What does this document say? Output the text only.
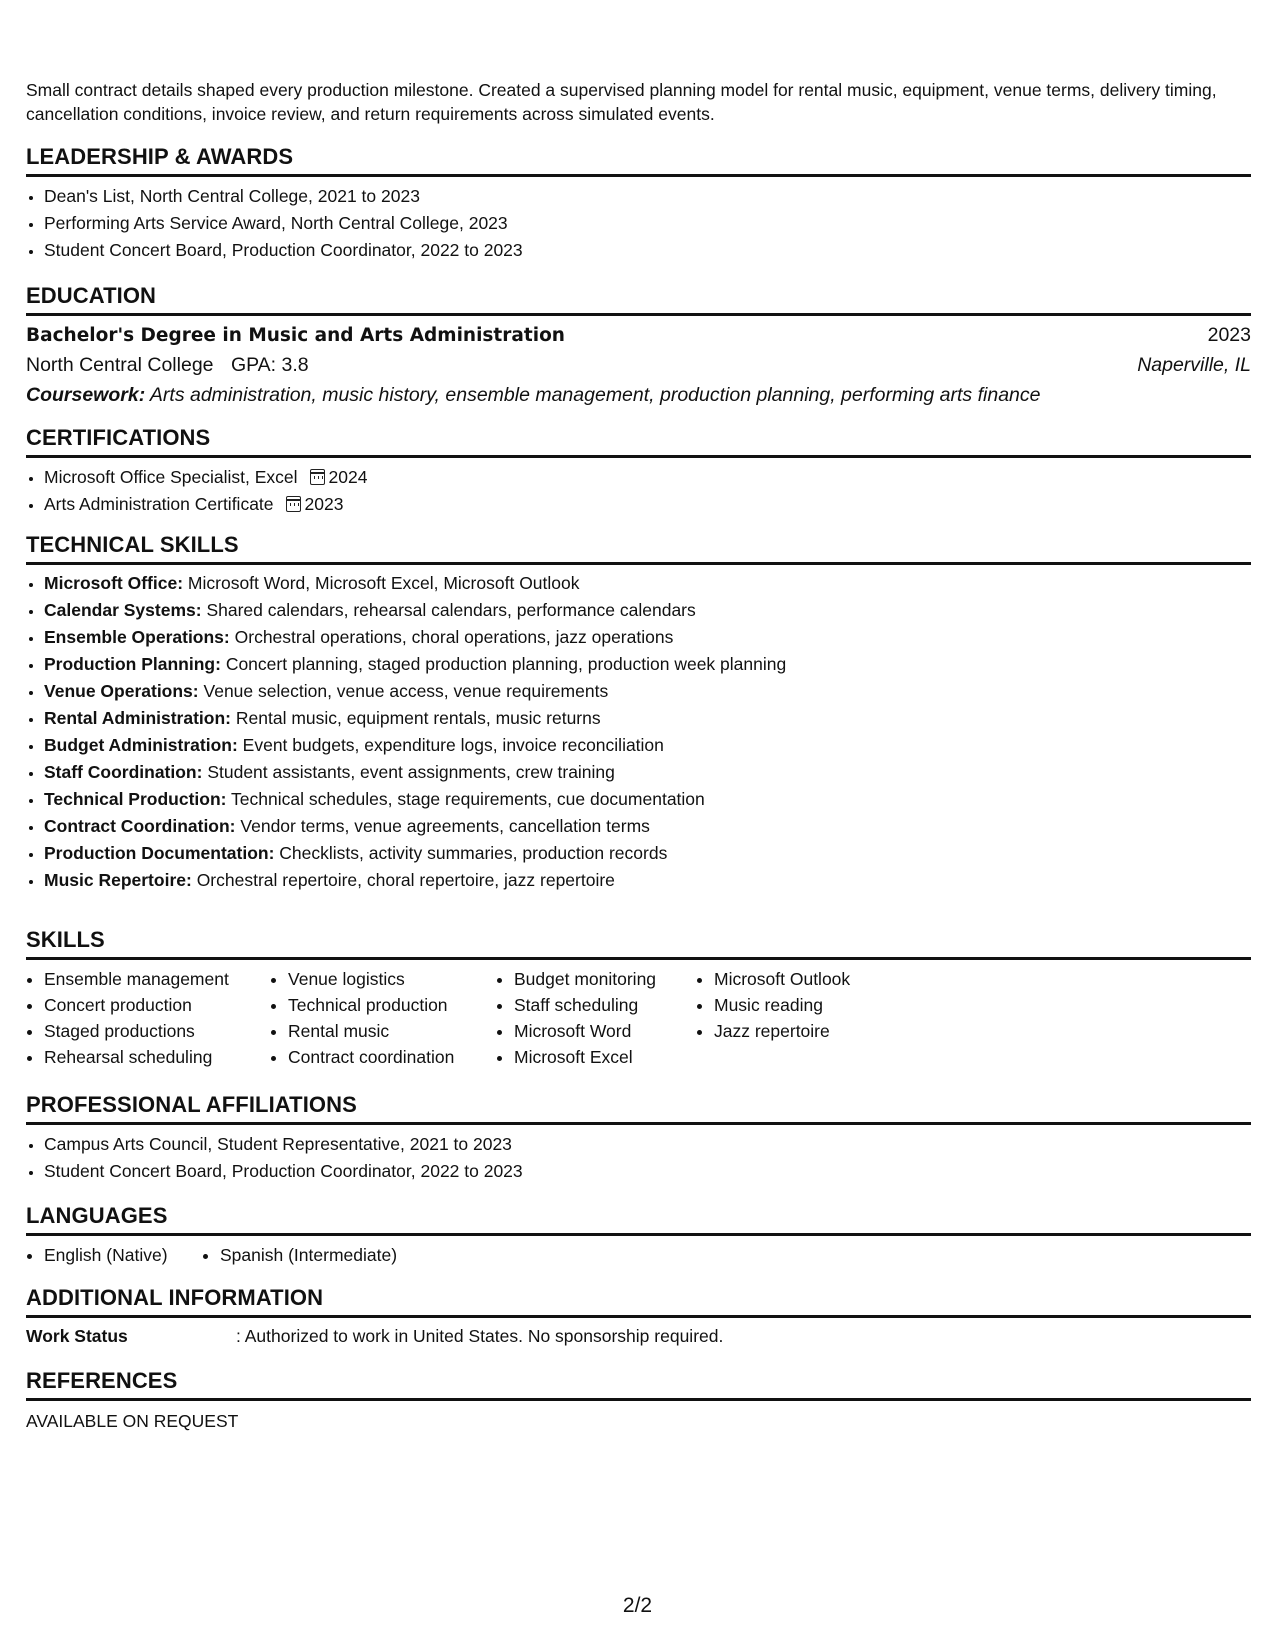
Small contract details shaped every production milestone. Created a supervised planning model for rental music, equipment, venue terms, delivery timing, cancellation conditions, invoice review, and return requirements across simulated events.
LEADERSHIP & AWARDS
• Dean's List, North Central College, 2021 to 2023
• Performing Arts Service Award, North Central College, 2023
• Student Concert Board, Production Coordinator, 2022 to 2023
EDUCATION
Bachelor's Degree in Music and Arts Administration	2023
North Central College GPA: 3.8	Naperville, IL
Coursework: Arts administration, music history, ensemble management, production planning, performing arts finance
CERTIFICATIONS
• Microsoft Office Specialist, Excel 2024
• Arts Administration Certificate 2023
TECHNICAL SKILLS
• Microsoft Office: Microsoft Word, Microsoft Excel, Microsoft Outlook
• Calendar Systems: Shared calendars, rehearsal calendars, performance calendars
• Ensemble Operations: Orchestral operations, choral operations, jazz operations
• Production Planning: Concert planning, staged production planning, production week planning
• Venue Operations: Venue selection, venue access, venue requirements
• Rental Administration: Rental music, equipment rentals, music returns
• Budget Administration: Event budgets, expenditure logs, invoice reconciliation
• Staff Coordination: Student assistants, event assignments, crew training
• Technical Production: Technical schedules, stage requirements, cue documentation
• Contract Coordination: Vendor terms, venue agreements, cancellation terms
• Production Documentation: Checklists, activity summaries, production records
• Music Repertoire: Orchestral repertoire, choral repertoire, jazz repertoire
SKILLS
• Ensemble management
• Concert production
• Staged productions
• Rehearsal scheduling
• Venue logistics
• Technical production
• Rental music
• Contract coordination
• Budget monitoring
• Staff scheduling
• Microsoft Word
• Microsoft Excel
• Microsoft Outlook
• Music reading
• Jazz repertoire
PROFESSIONAL AFFILIATIONS
• Campus Arts Council, Student Representative, 2021 to 2023
• Student Concert Board, Production Coordinator, 2022 to 2023
LANGUAGES
• English (Native)
•	Spanish (Intermediate)
ADDITIONAL INFORMATION
Work Status	: Authorized to work in United States. No sponsorship required.
REFERENCES
AVAILABLE ON REQUEST
2/2
